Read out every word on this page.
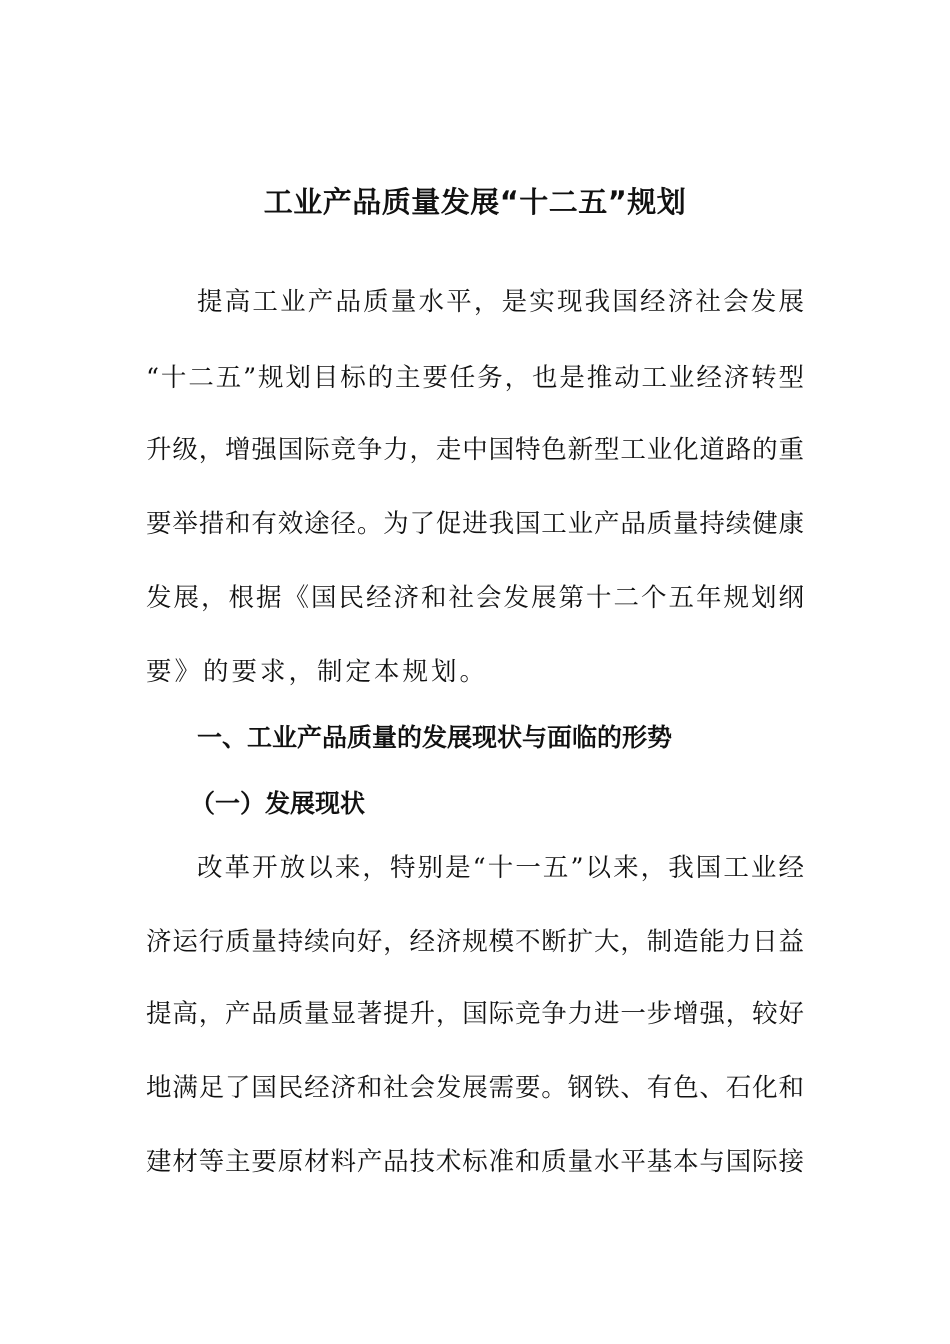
工业产品质量发展“十二五”规划
提高工业产品质量水平，是实现我国经济社会发展
“十二五”规划目标的主要任务，也是推动工业经济转型
升级，增强国际竞争力，走中国特色新型工业化道路的重
要举措和有效途径。为了促进我国工业产品质量持续健康
发展，根据《国民经济和社会发展第十二个五年规划纲
要》的要求，制定本规划。
一、工业产品质量的发展现状与面临的形势
（一）发展现状
改革开放以来，特别是“十一五”以来，我国工业经
济运行质量持续向好，经济规模不断扩大，制造能力日益
提高，产品质量显著提升，国际竞争力进一步增强，较好
地满足了国民经济和社会发展需要。钢铁、有色、石化和
建材等主要原材料产品技术标准和质量水平基本与国际接
